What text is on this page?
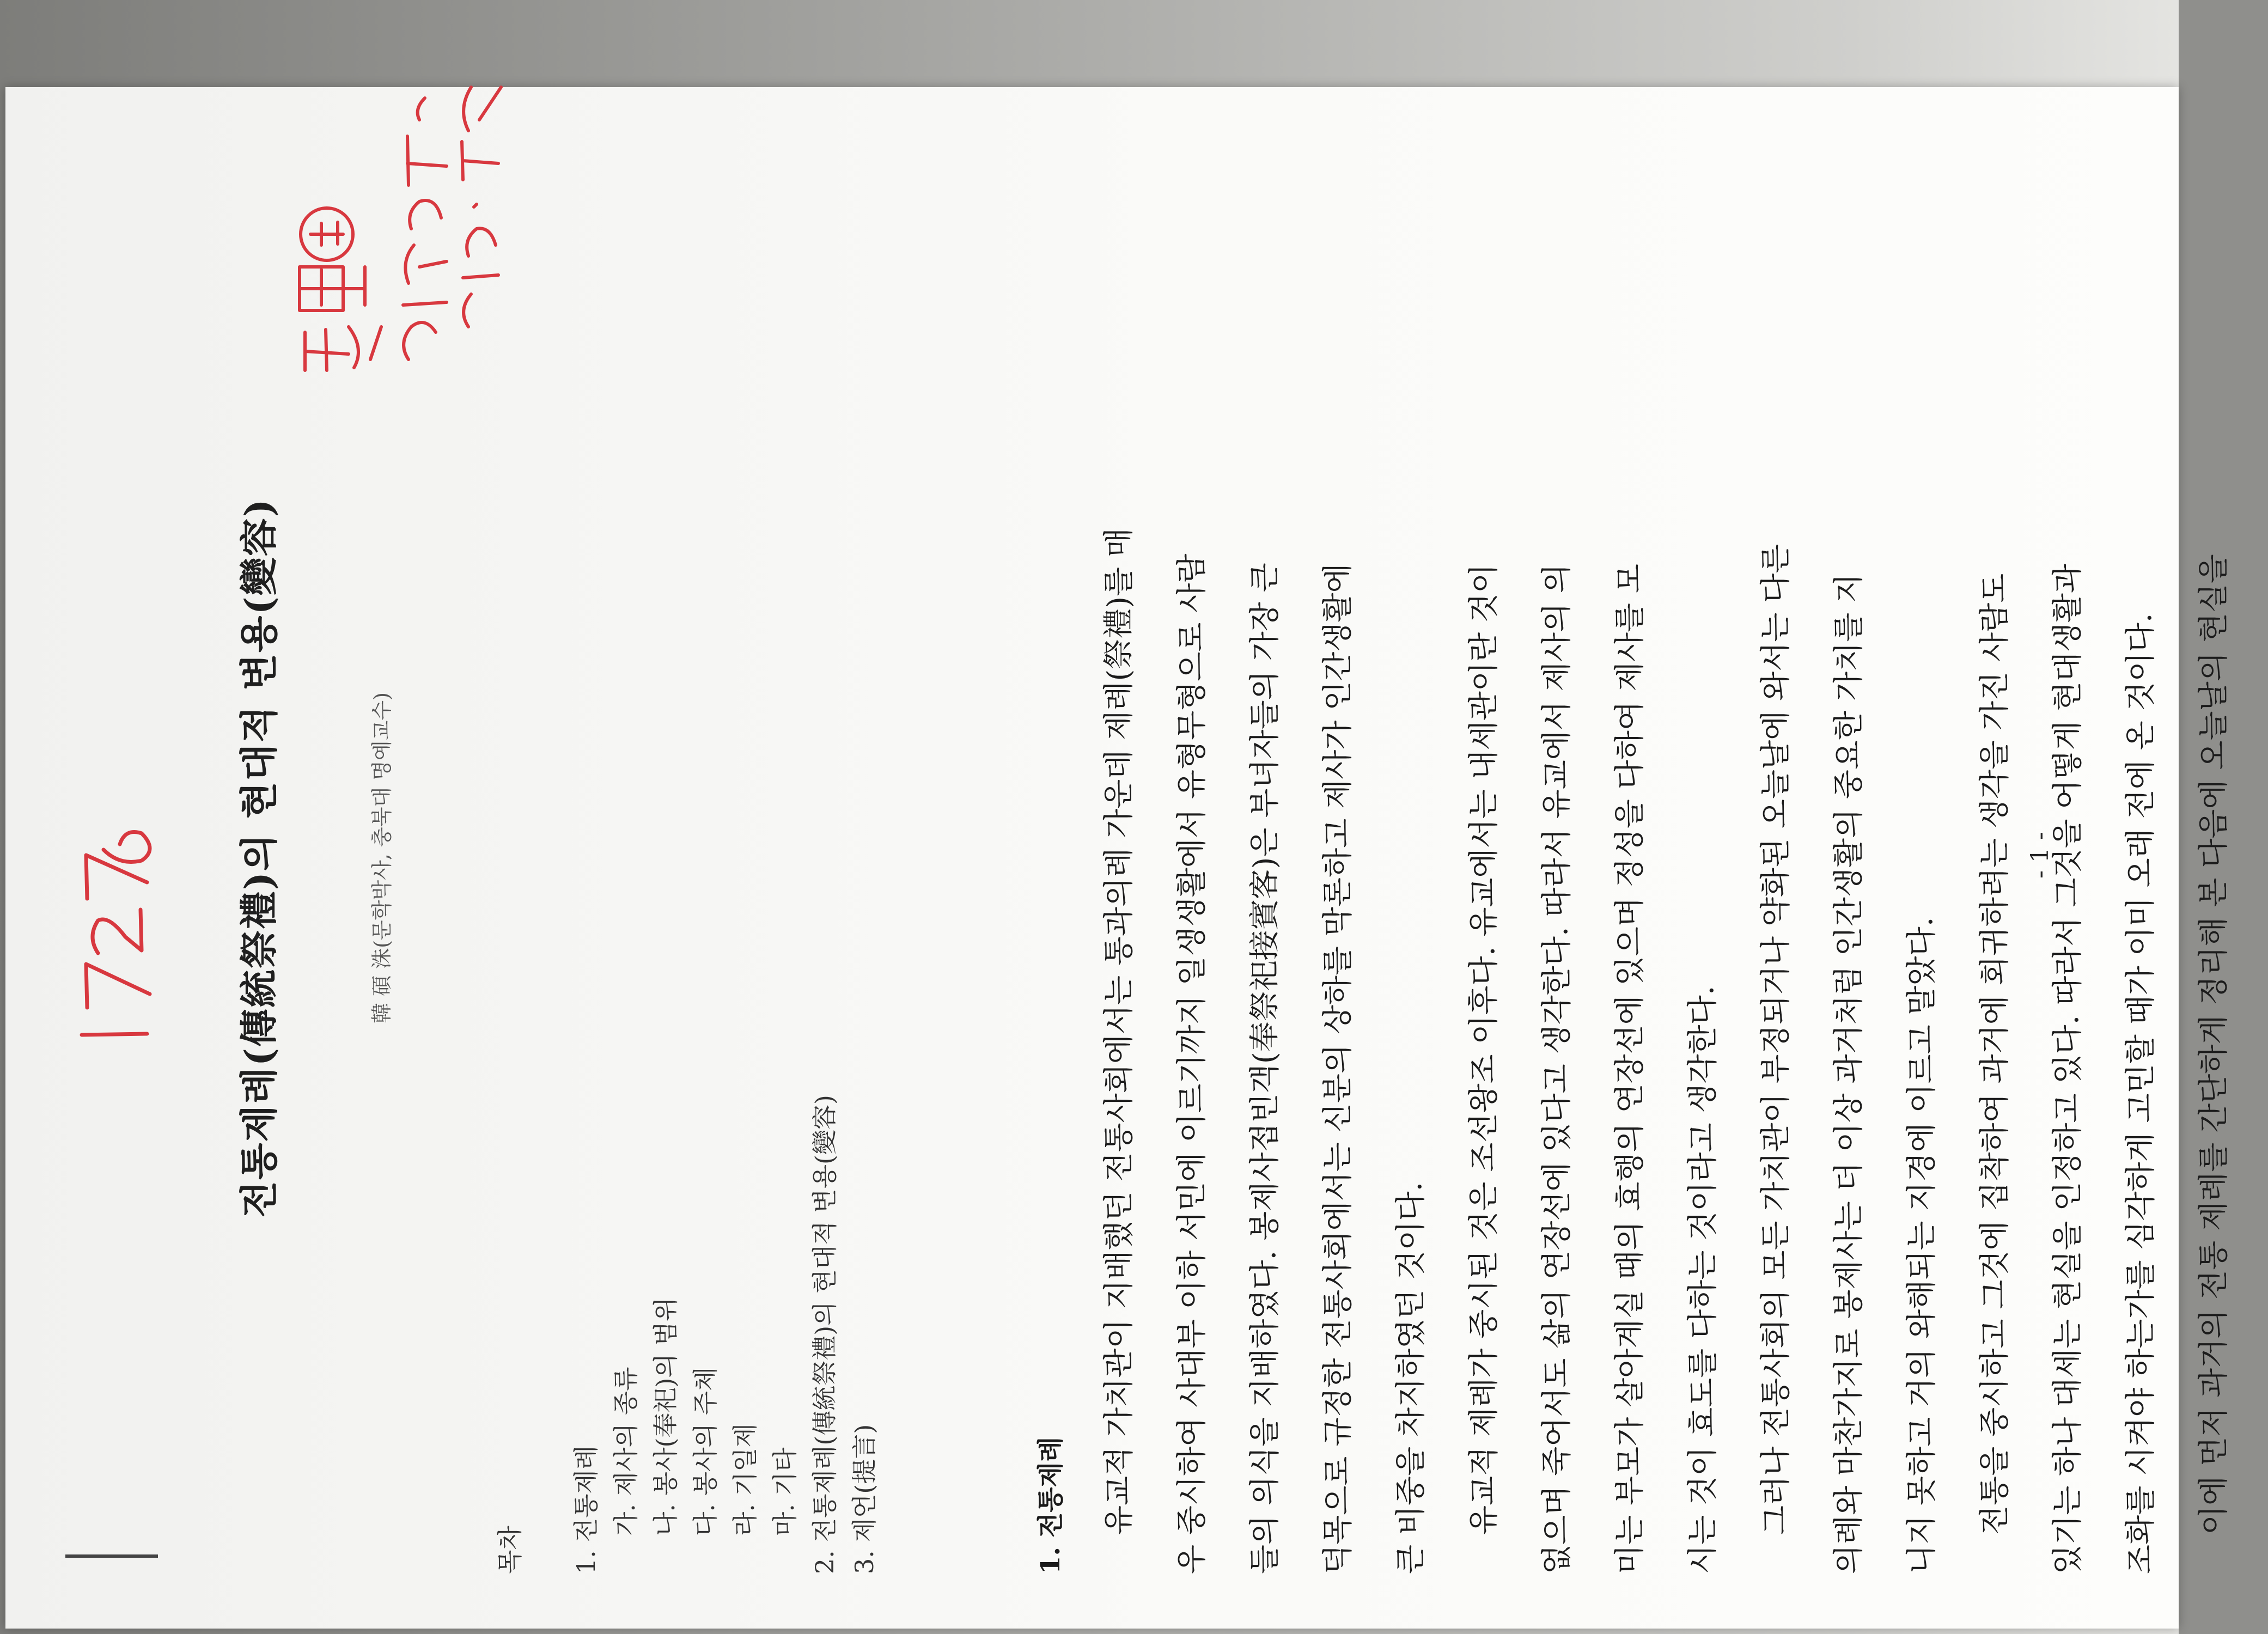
전통제례(傳統祭禮)의 현대적 변용(變容)	韓 碩 洙(문학박사, 충북대 명예교수)
목차 1. 전통제례 가. 제사의 종류 나. 봉사(奉祀)의 범위 다. 봉사의 주체 라. 기일제 마. 기타 2. 전통제례(傳統祭禮)의 현대적 변용(變容) 3. 제언(提言)	1. 전통제례 유교적 가치관이 지배했던 전통사회에서는 통과의례 가운데 제례(祭禮)를 매	우 중시하여 사대부 이하 서민에 이르기까지 일생생활에서 유형무형으로 사람	들의 의식을 지배하였다. 봉제사접빈객(奉祭祀接賓客)은 부녀자들의 가장 큰	덕목으로 규정한 전통사회에서는 신분의 상하를 막론하고 제사가 인간생활에	큰 비중을 차지하였던 것이다.	유교적 제례가 중시된 것은 조선왕조 이후다. 유교에서는 내세관이란 것이	없으며 죽어서도 삶의 연장선에 있다고 생각한다. 따라서 유교에서 제사의 의	미는 부모가 살아계실 때의 효행의 연장선에 있으며 정성을 다하여 제사를 모	시는 것이 효도를 다하는 것이라고 생각한다.	그러나 전통사회의 모든 가치관이 부정되거나 약화된 오늘날에 와서는 다른	의례와 마찬가지로 봉제사는 더 이상 과거처럼 인간생활의 중요한 가치를 지	니지 못하고 거의 와해되는 지경에 이르고 말았다.	전통을 중시하고 그것에 집착하여 과거에 회귀하려는 생각을 가진 사람도	있기는 하나 대세는 현실을 인정하고 있다. 따라서 그것을 어떻게 현대생활과	조화를 시켜야 하는가를 심각하게 고민할 때가 이미 오래 전에 온 것이다.	이에 먼저 과거의 전통 제례를 간단하게 정리해 본 다음에 오늘날의 현실을
- 1 -
